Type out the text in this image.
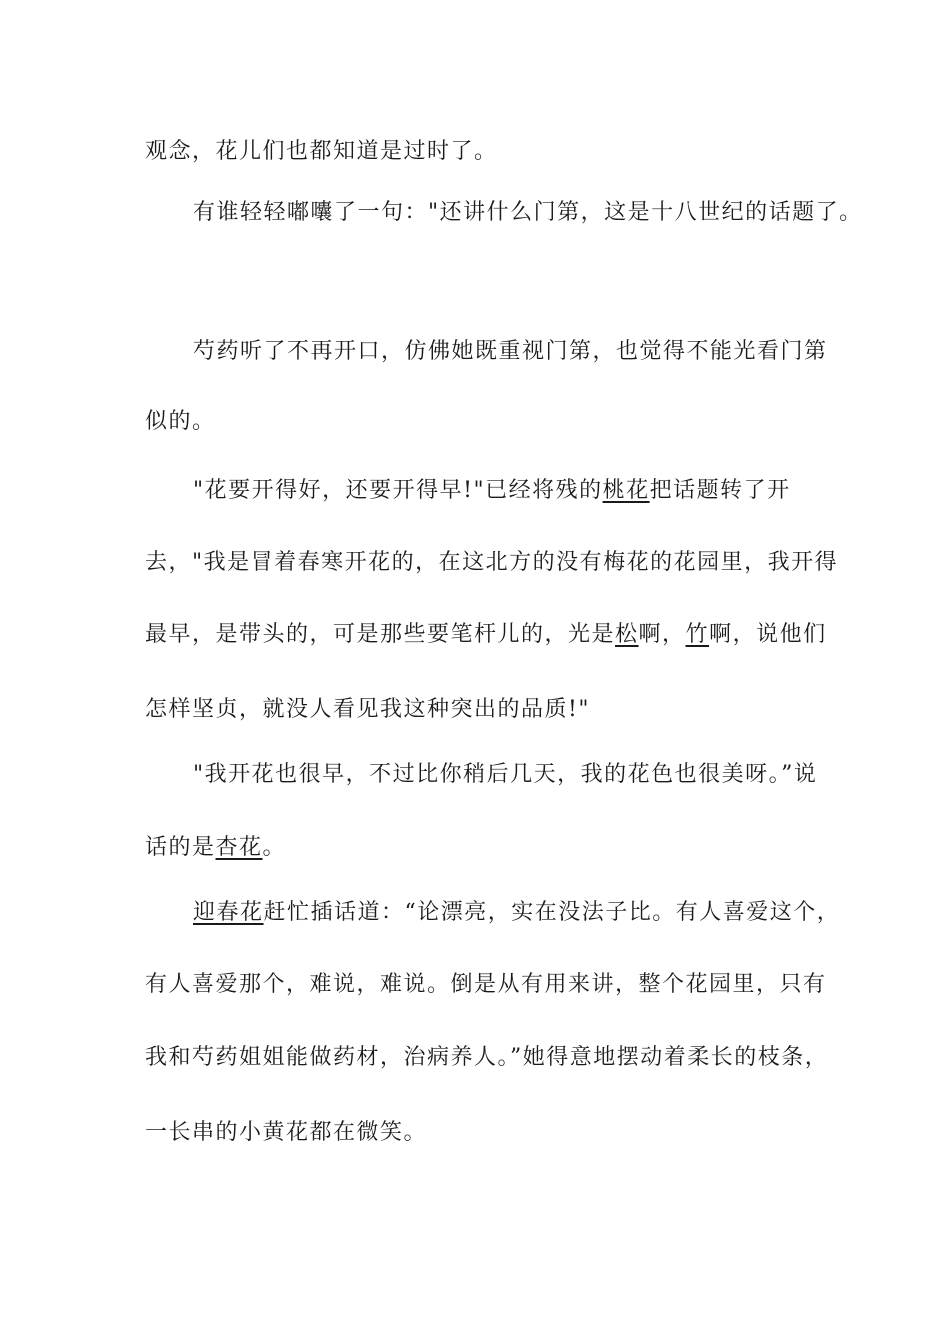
观念，花儿们也都知道是过时了。
有谁轻轻嘟囔了一句："还讲什么门第，这是十八世纪的话题了。
芍药听了不再开口，仿佛她既重视门第，也觉得不能光看门第
似的。
"花要开得好，还要开得早!"已经将残的桃花把话题转了开
去，"我是冒着春寒开花的，在这北方的没有梅花的花园里，我开得
最早，是带头的，可是那些要笔杆儿的，光是松啊，竹啊，说他们
怎样坚贞，就没人看见我这种突出的品质!"
"我开花也很早，不过比你稍后几天，我的花色也很美呀。”说
话的是杏花。
迎春花赶忙插话道：“论漂亮，实在没法子比。有人喜爱这个，
有人喜爱那个，难说，难说。倒是从有用来讲，整个花园里，只有
我和芍药姐姐能做药材，治病养人。”她得意地摆动着柔长的枝条，
一长串的小黄花都在微笑。
